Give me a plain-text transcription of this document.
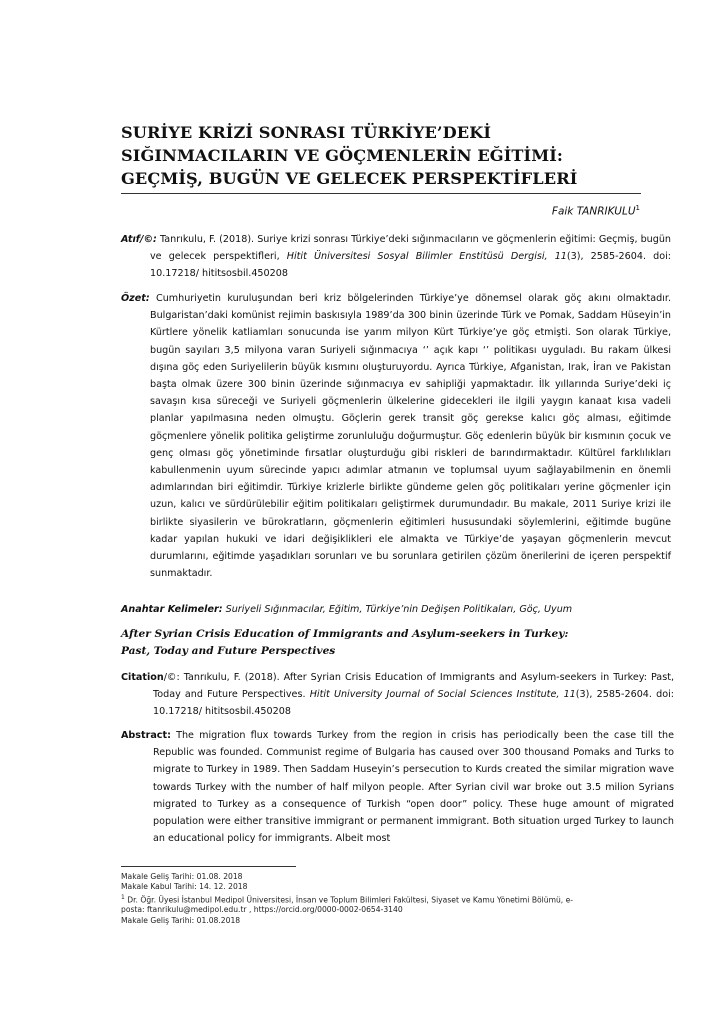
SURİYE KRİZİ SONRASI TÜRKİYE’DEKİ
SIĞINMACILARIN VE GÖÇMENLERİN EĞİTİMİ:
GEÇMİŞ, BUGÜN VE GELECEK PERSPEKTİFLERİ
Faik TANRIKULU$^1$
Atıf/©: Tanrıkulu, F. (2018). Suriye krizi sonrası Türkiye’deki sığınmacıların ve göçmenlerin eğitimi: Geçmiş, bugün ve gelecek perspektifleri, Hitit Üniversitesi Sosyal Bilimler Enstitüsü Dergisi, 11(3), 2585-2604. doi: 10.17218/ hititsosbil.450208
Özet: Cumhuriyetin kuruluşundan beri kriz bölgelerinden Türkiye’ye dönemsel olarak göç akını olmaktadır. Bulgaristan’daki komünist rejimin baskısıyla 1989’da 300 binin üzerinde Türk ve Pomak, Saddam Hüseyin’in Kürtlere yönelik katliamları sonucunda ise yarım milyon Kürt Türkiye’ye göç etmişti. Son olarak Türkiye, bugün sayıları 3,5 milyona varan Suriyeli sığınmacıya ‘’ açık kapı ‘’ politikası uyguladı. Bu rakam ülkesi dışına göç eden Suriyelilerin büyük kısmını oluşturuyordu. Ayrıca Türkiye, Afganistan, Irak, İran ve Pakistan başta olmak üzere 300 binin üzerinde sığınmacıya ev sahipliği yapmaktadır. İlk yıllarında Suriye’deki iç savaşın kısa süreceği ve Suriyeli göçmenlerin ülkelerine gidecekleri ile ilgili yaygın kanaat kısa vadeli planlar yapılmasına neden olmuştu. Göçlerin gerek transit göç gerekse kalıcı göç alması, eğitimde göçmenlere yönelik politika geliştirme zorunluluğu doğurmuştur. Göç edenlerin büyük bir kısmının çocuk ve genç olması göç yönetiminde fırsatlar oluşturduğu gibi riskleri de barındırmaktadır. Kültürel farklılıkları kabullenmenin uyum sürecinde yapıcı adımlar atmanın ve toplumsal uyum sağlayabilmenin en önemli adımlarından biri eğitimdir. Türkiye krizlerle birlikte gündeme gelen göç politikaları yerine göçmenler için uzun, kalıcı ve sürdürülebilir eğitim politikaları geliştirmek durumundadır. Bu makale, 2011 Suriye krizi ile birlikte siyasilerin ve bürokratların, göçmenlerin eğitimleri hususundaki söylemlerini, eğitimde bugüne kadar yapılan hukuki ve idari değişiklikleri ele almakta ve Türkiye’de yaşayan göçmenlerin mevcut durumlarını, eğitimde yaşadıkları sorunları ve bu sorunlara getirilen çözüm önerilerini de içeren perspektif sunmaktadır.
Anahtar Kelimeler: Suriyeli Sığınmacılar, Eğitim, Türkiye’nin Değişen Politikaları, Göç, Uyum
After Syrian Crisis Education of Immigrants and Asylum-seekers in Turkey:
Past, Today and Future Perspectives
Citation/©: Tanrıkulu, F. (2018). After Syrian Crisis Education of Immigrants and Asylum-seekers in Turkey: Past, Today and Future Perspectives. Hitit University Journal of Social Sciences Institute, 11(3), 2585-2604. doi: 10.17218/ hititsosbil.450208
Abstract: The migration flux towards Turkey from the region in crisis has periodically been the case till the Republic was founded. Communist regime of Bulgaria has caused over 300 thousand Pomaks and Turks to migrate to Turkey in 1989. Then Saddam Huseyin’s persecution to Kurds created the similar migration wave towards Turkey with the number of half milyon people. After Syrian civil war broke out 3.5 milion Syrians migrated to Turkey as a consequence of Turkish “open door” policy. These huge amount of migrated population were either transitive immigrant or permanent immigrant. Both situation urged Turkey to launch an educational policy for immigrants. Albeit most
Makale Geliş Tarihi: 01.08. 2018
Makale Kabul Tarihi: 14. 12. 2018
$^1$ Dr. Öğr. Üyesi İstanbul Medipol Üniversitesi, İnsan ve Toplum Bilimleri Fakültesi, Siyaset ve Kamu Yönetimi Bölümü, e-
posta: ftanrikulu@medipol.edu.tr , https://orcid.org/0000-0002-0654-3140
Makale Geliş Tarihi: 01.08.2018
